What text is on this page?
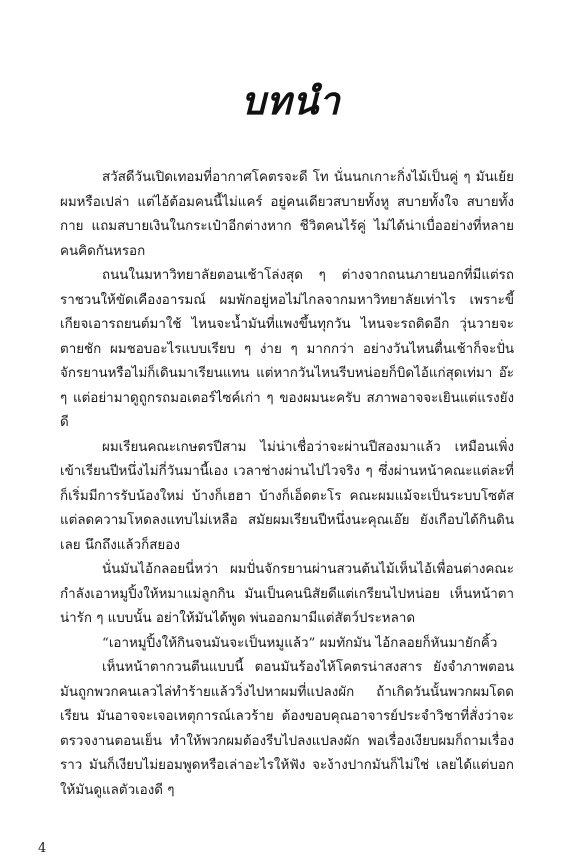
บทนำ

สวัสดีวันเปิดเทอมที่อากาศโคตรจะดี โท นั่นนกเกาะกิ่งไม้เป็นคู่ ๆ มันเย้ยผมหรือเปล่า แต่ไอ้ต้อมคนนี้ไม่แคร์ อยู่คนเดียวสบายทั้งหู สบายทั้งใจ สบายทั้งกาย แถมสบายเงินในกระเป๋าอีกต่างหาก ชีวิตคนไร้คู่ ไม่ได้น่าเบื่ออย่างที่หลายคนคิดกันหรอก

ถนนในมหาวิทยาลัยตอนเช้าโล่งสุด ๆ ต่างจากถนนภายนอกที่มีแต่รถราชวนให้ขัดเคืองอารมณ์ ผมพักอยู่หอไม่ไกลจากมหาวิทยาลัยเท่าไร เพราะขี้เกียจเอารถยนต์มาใช้ ไหนจะน้ำมันที่แพงขึ้นทุกวัน ไหนจะรถติดอีก วุ่นวายจะตายชัก ผมชอบอะไรแบบเรียบ ๆ ง่าย ๆ มากกว่า อย่างวันไหนตื่นเช้าก็จะปั่นจักรยานหรือไม่ก็เดินมาเรียนแทน แต่หากวันไหนรีบหน่อยก็บิดไอ้แก่สุดเท่มา อ๊ะ ๆ แต่อย่ามาดูถูกรถมอเตอร์ไซค์เก่า ๆ ของผมนะครับ สภาพอาจจะเยินแต่แรงยังดี

ผมเรียนคณะเกษตรปีสาม ไม่น่าเชื่อว่าจะผ่านปีสองมาแล้ว เหมือนเพิ่งเข้าเรียนปีหนึ่งไม่กี่วันมานี้เอง เวลาช่างผ่านไปไวจริง ๆ ซึ่งผ่านหน้าคณะแต่ละที่ก็เริ่มมีการรับน้องใหม่ บ้างก็เฮฮา บ้างก็เอ็ดตะโร คณะผมแม้จะเป็นระบบโซตัสแต่ลดความโหดลงแทบไม่เหลือ สมัยผมเรียนปีหนึ่งนะคุณเอ๊ย ยังเกือบได้กินดินเลย นึกถึงแล้วก็สยอง

นั่นมันไอ้กลอยนี่หว่า ผมปั่นจักรยานผ่านสวนต้นไม้เห็นไอ้เพื่อนต่างคณะกำลังเอาหมูปิ้งให้หมาแม่ลูกกิน มันเป็นคนนิสัยดีแต่เกรียนไปหน่อย เห็นหน้าตาน่ารัก ๆ แบบนั้น อย่าให้มันได้พูด พ่นออกมามีแต่สัตว์ประหลาด

“เอาหมูปิ้งให้กินจนมันจะเป็นหมูแล้ว” ผมทักมัน ไอ้กลอยก็หันมายักคิ้ว

เห็นหน้าตากวนตีนแบบนี้ ตอนมันร้องไห้โคตรน่าสงสาร ยังจำภาพตอนมันถูกพวกคนเลวไล่ทำร้ายแล้ววิ่งไปหาผมที่แปลงผัก ถ้าเกิดวันนั้นพวกผมโดดเรียน มันอาจจะเจอเหตุการณ์เลวร้าย ต้องขอบคุณอาจารย์ประจำวิชาที่สั่งว่าจะตรวจงานตอนเย็น ทำให้พวกผมต้องรีบไปลงแปลงผัก พอเรื่องเงียบผมก็ถามเรื่องราว มันก็เงียบไม่ยอมพูดหรือเล่าอะไรให้ฟัง จะง้างปากมันก็ไม่ใช่ เลยได้แต่บอกให้มันดูแลตัวเองดี ๆ

4
